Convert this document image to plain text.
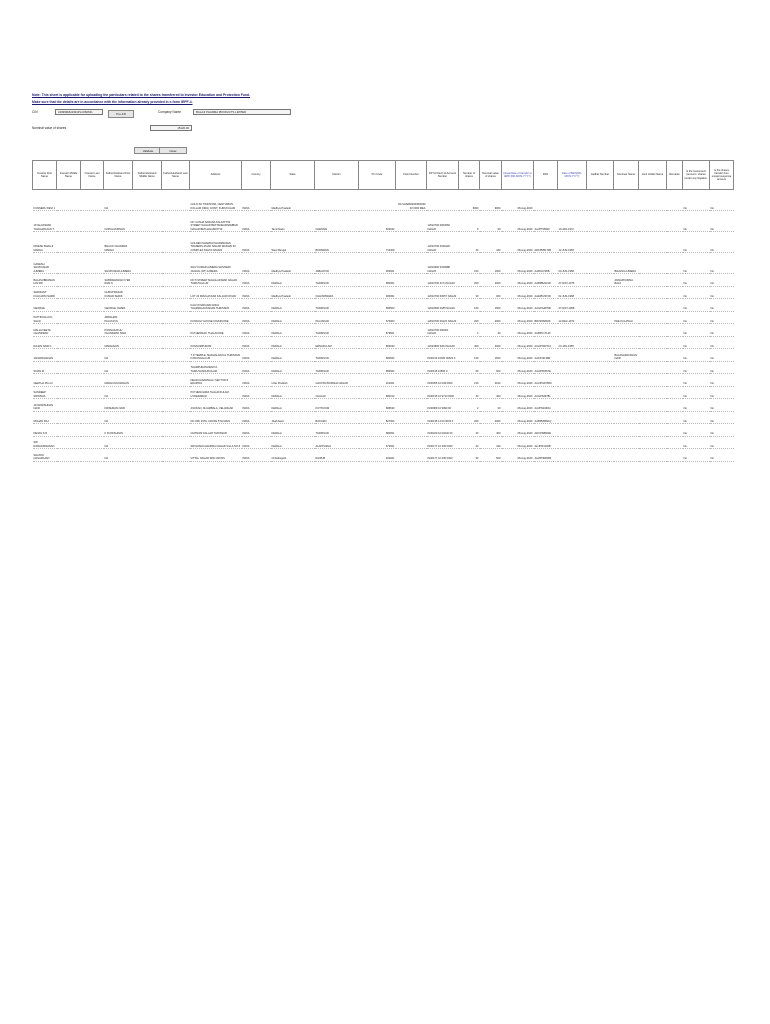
Note: This sheet is applicable for uploading the particulars related to the shares transferred to Investor Education and Protection Fund.
Make sure that the details are in accordance with the information already provided in e-form IEPF-4.
CIN	L99999MH1991PLC060631	Pre-Fill	Company Name	BALAJI PHARMA PRODUCTS LIMITED
Nominal value of shares	15120.00
Validate	Clear
Investor First Name	Investor Middle Name	Investor Last Name	Father/Husband First Name	Father/Husband Middle Name	Father/Husband Last Name	Address	Country	State	District	Pin Code	Folio Number	DP Id-Client Id-Account Number	Number of shares	Nominal value of shares	Actual Date of transfer to IEPF (DD-MON-YYYY)	PAN	Date of Birth(DD-MON-YYYY)	Aadhar Number	Nominee Name	Joint Holder Name	Remarks	Is the Investment (amount / shares )under any litigation.	Is the shares transfer from unpaid suspense account
KUNNERU DEVI J			NA			GOLD SC TWINSTAR, CENTURION, KOLLAM (NRA), DONT, KURUKULAM	INDIA	Madhya Pradesh			NA SHARE0000000030 00 0000 MEA		6000	9000	08-Aug-2020							No	No
JAYALAKSHMI THIAGARAJAN T			GOPALAKRISHN			NO 4 ASHA SADANA KALKATTIM STREET NAGAR BETTANEARNAMBUR NAGAR BETHAGAMATTHI	INDIA	Tamil Nadu	CHENNAI	600042		12010700 0003660 NAG20	6	60	08-Aug-2020	AAJPT0891F	19-JAN-1972					No	No
DINESH BHAUJI MADHA			BHAUJI CHANDRA MADHA			GOLDEN SHARDA PHARMACIES TRADERS ROAD NAGAR WADHAI 60 COMPLEX ASHTA NAVADI	INDIA	West Bengal	BURDWAN	713409		12010700 0046420 NAG20	44	440	08-Aug-2020	ADFPM5170R	12-JUN-1965					No	No
GANESH SHIVKUMAR AJMERA			SHIVKUMAR AJMERA			SHIV KUMAR AJMERA SHIVNERI JAGDAL (RT) AJMERA	INDIA	Madhya Pradesh	JABALPUR	482001		12010900 0159988 NAG20	100	1000	08-Aug-2020	AAIPA4796B	03-JUN-1958		BHAVNA AJMERA			No	No
BALASUBRAMANIAN SRI			SUBRAMANIAN IYER RAM S			NO 5 STREET MAHALAKSHMI NAGAR THIRUVALLUR	INDIA	KERALA	THRISSUR	680301		12010700 0174 NAG20	200	2000	08-Aug-2020	AABPB2021D	27-NOV-1975		ANNAPOORNA BALA			No	No
SHRIKANT KULKARNI SHRIK			GURUPRASAD KUMAR SHRIK			LOT 23 MAVILAKKAR KALLURI ROAD	INDIA	Madhya Pradesh	CHHINDWARA	480001		12010700 00057 NAG20	30	300	08-Aug-2020	AAEPK2972R	02-JUN-1968					No	No
GEORGE			GEORGE JAMES			KALIYATHIKANDI ADDA THAMPALAKKADAM THRISSUR	INDIA	KERALA	THRISSUR	680503		12010500 0185 NAG20	160	1600	08-Aug-2020	AAGPG2879K	27-NOV-1958					No	No
PATTIKKALAYIL SHAJI			ABRAHAM PALUKAYIL			KUNDULY HOUSE KOZHIKODE	INDIA	KERALA	PALAKKAD	679303		12010700 00123 NAG20	200	2000	08-Aug-2020	BRVPA6894K	12-DEC-1972		PEE KALATHAI			No	No
MALLUVEETIL CHANDRAN			PONNAKATHU CHANDRAN NAIR			PUTHENMALI THALAKODE	INDIA	KERALA	THRISSUR	679501		12010700 000001 NAG20	4	40	08-Aug-2020	AABPC1714F						No	No
RAJAN NAIR K			MADHAVAN			KUNNUMPURAM	INDIA	KERALA	ERNAKULAM	682030		12010800 0204 NAG20	400	4000	08-Aug-2020	ACHPN3371A	23-JAN-1955					No	No
JANARDHANAN			NA			T D TEMPLE, MADHALAKKAL THRISSUR KODUNGALLUR	INDIA	KERALA	THRISSUR	680662		IN30133 10180 00520 0	160	1600	08-Aug-2020	AAKPJ2138R			BALANARAYANAN NAIR			No	No
SIVAN M			NA			THAMPURANURAKTA THIRUVANCHIKULAM	INDIA	KERALA	THRISSUR	680664		IN30135 10560 0	60	600	08-Aug-2020	AAHPS0457E						No	No
GEETHA PILLAI			MADHUSOODANAN			NEAR AANAMVALLI SECTOR 8 EDAPPAL	INDIA	Uttar Pradesh	GAUTAM BUDDHA NAGAR	201301		IN30055 10 009 0000	210	2100	08-Aug-2020	AAUPG6780M						No	No
SANDEEP SRINIVAS			NA			PUTHENCHIRA THALAKKULAM HYDERABAD	INDIA	KERALA	CHALAK	680312		IN30135 10 9710 0000	40	400	08-Aug-2020	ACHPS4678L						No	No
JAYAKRISHNAN NAIR			KRISHNAN NAIR			ASOKAN, NH AMBALA, VELANGAD	INDIA	KERALA	KOTTAYAM	686630		IN30089 10 9990 00	2	20	08-Aug-2020	AAJPN3460G						No	No
MOHAN RAJ			NA			NO 348, 15TH CROSS 5TH MAIN	INDIA	Jharkhand	BOKARO	827004		IN30135 14 00 0003 0	200	2000	08-Aug-2020	AABPM5891Q						No	No
DEVAS K R			K R KRISHNAN			CHITRAM KALLAR THRISSUR	INDIA	KERALA	THRISSUR	680001		IN30220 10 00240 00	40	400	08-Aug-2020	ADCPD8902E						No	No
SRI RAMAKRISHNAN			NA			SRI RAMACHANDRA NAGAR VILLA NO 8	INDIA	KERALA	ALAPPUZHA	673001		IN30177 10 200 0000	42	420	08-Aug-2020	ALUPR4192B						No	No
SHANTA NAGARAJAN			NA			VITTAL NAGAR 3RD CROSS	INDIA	Chhattisgarh	RAIPUR	492001		IN30177 10 200 0003	50	500	08-Aug-2020	ALMPN9963B						No	No
